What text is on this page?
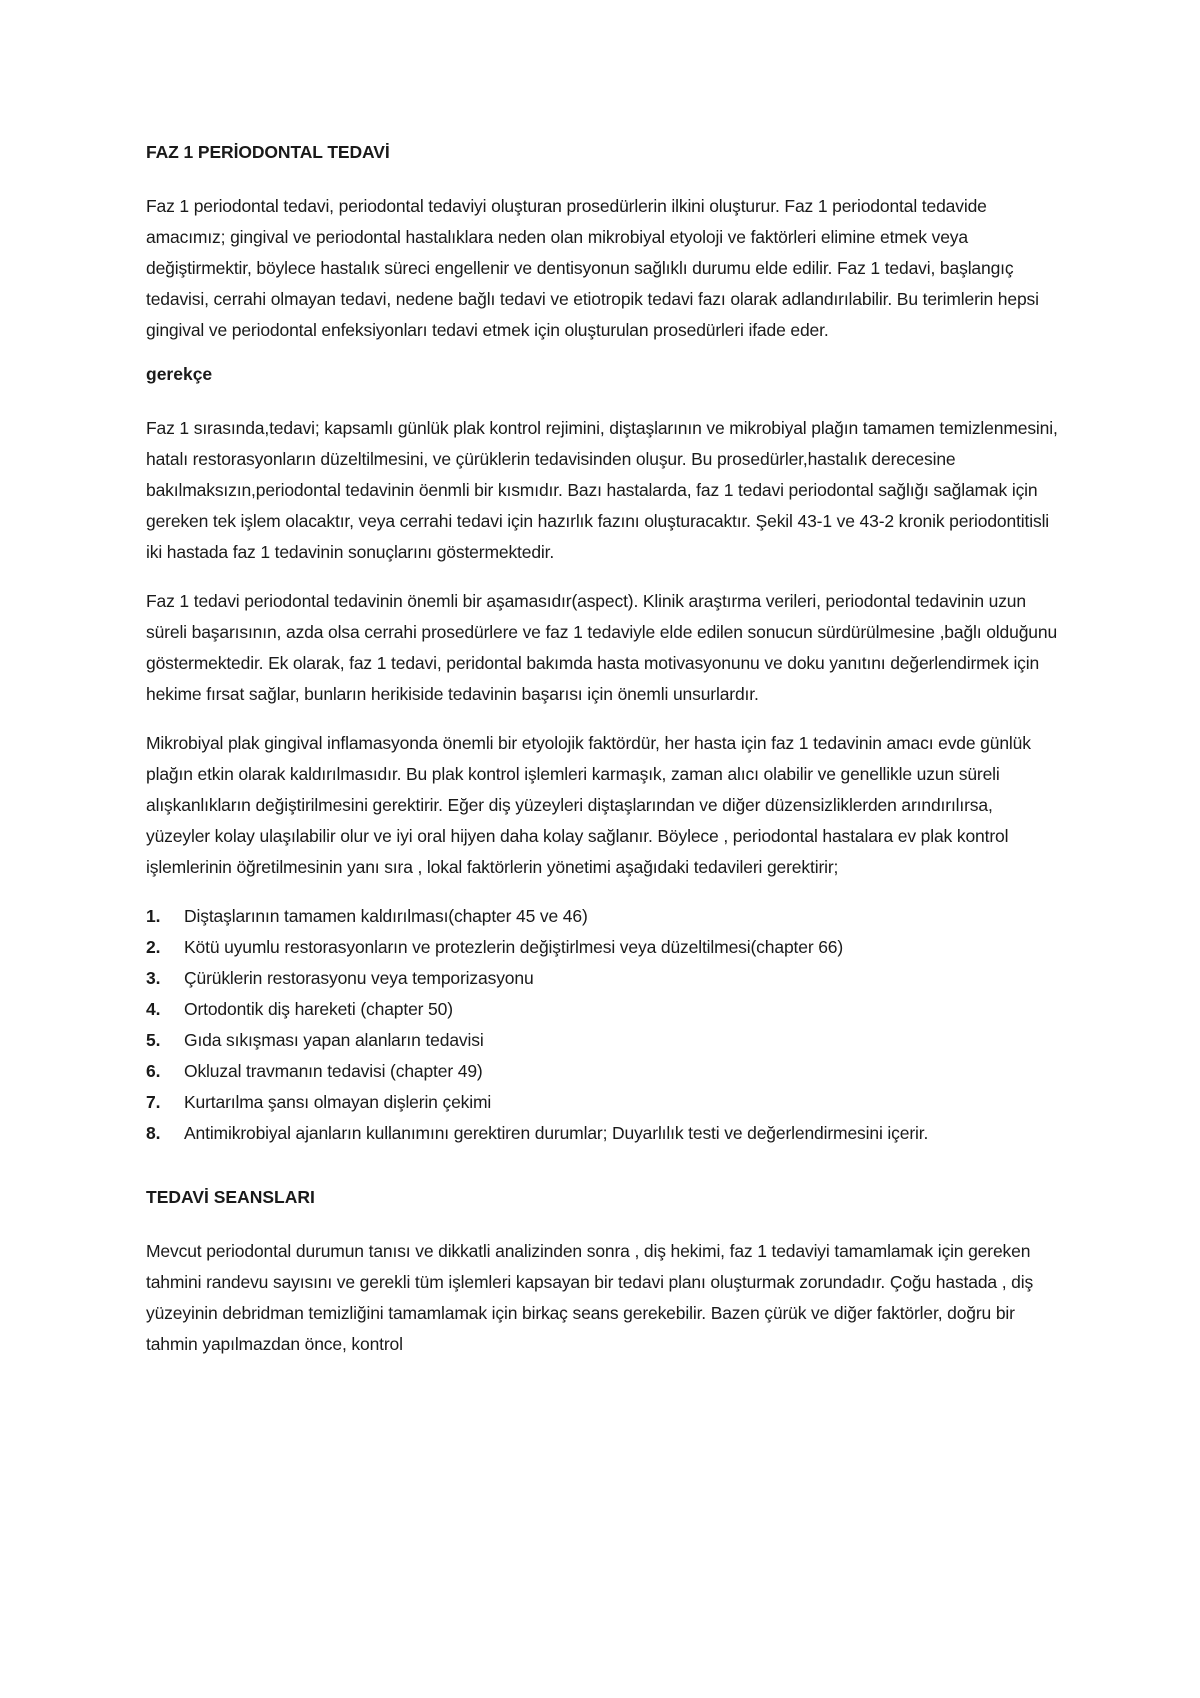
FAZ 1 PERİODONTAL TEDAVİ

Faz 1 periodontal tedavi, periodontal tedaviyi oluşturan prosedürlerin ilkini oluşturur. Faz 1 periodontal tedavide amacımız; gingival ve periodontal hastalıklara neden olan mikrobiyal etyoloji ve faktörleri elimine etmek veya değiştirmektir, böylece hastalık süreci engellenir ve dentisyonun sağlıklı durumu elde edilir. Faz 1 tedavi, başlangıç tedavisi, cerrahi olmayan tedavi, nedene bağlı tedavi ve etiotropik tedavi fazı olarak adlandırılabilir. Bu terimlerin hepsi gingival ve periodontal enfeksiyonları tedavi etmek için oluşturulan prosedürleri ifade eder.

gerekçe

Faz 1 sırasında,tedavi; kapsamlı günlük plak kontrol rejimini, diştaşlarının ve mikrobiyal plağın tamamen temizlenmesini, hatalı restorasyonların düzeltilmesini, ve çürüklerin tedavisinden oluşur. Bu prosedürler,hastalık derecesine bakılmaksızın,periodontal tedavinin öenmli bir kısmıdır. Bazı hastalarda, faz 1 tedavi periodontal sağlığı sağlamak için gereken tek işlem olacaktır, veya cerrahi tedavi için hazırlık fazını oluşturacaktır. Şekil 43-1 ve 43-2 kronik periodontitisli iki hastada faz 1 tedavinin sonuçlarını göstermektedir.

Faz 1 tedavi periodontal tedavinin önemli bir aşamasıdır(aspect). Klinik araştırma verileri, periodontal tedavinin uzun süreli başarısının, azda olsa cerrahi prosedürlere ve faz 1 tedaviyle elde edilen sonucun sürdürülmesine ,bağlı olduğunu göstermektedir. Ek olarak, faz 1 tedavi, peridontal bakımda hasta motivasyonunu ve doku yanıtını değerlendirmek için hekime fırsat sağlar, bunların herikiside tedavinin başarısı için önemli unsurlardır.

Mikrobiyal plak gingival inflamasyonda önemli bir etyolojik faktördür, her hasta için faz 1 tedavinin amacı evde günlük plağın etkin olarak kaldırılmasıdır. Bu plak kontrol işlemleri karmaşık, zaman alıcı olabilir ve genellikle uzun süreli alışkanlıkların değiştirilmesini gerektirir. Eğer diş yüzeyleri diştaşlarından ve diğer düzensizliklerden arındırılırsa, yüzeyler kolay ulaşılabilir olur ve iyi oral hijyen daha kolay sağlanır. Böylece , periodontal hastalara ev plak kontrol işlemlerinin öğretilmesinin yanı sıra , lokal faktörlerin yönetimi aşağıdaki tedavileri gerektirir;

1.	Diştaşlarının tamamen kaldırılması(chapter 45 ve 46)
2.	Kötü uyumlu restorasyonların ve protezlerin değiştirlmesi veya düzeltilmesi(chapter 66)
3.	Çürüklerin restorasyonu veya temporizasyonu
4.	Ortodontik diş hareketi (chapter 50)
5.	Gıda sıkışması yapan alanların tedavisi
6.	Okluzal travmanın tedavisi (chapter 49)
7.	Kurtarılma şansı olmayan dişlerin çekimi
8.	Antimikrobiyal ajanların kullanımını gerektiren durumlar; Duyarlılık testi ve değerlendirmesini içerir.
TEDAVİ SEANSLARI

Mevcut periodontal durumun tanısı ve dikkatli analizinden sonra , diş hekimi, faz 1 tedaviyi tamamlamak için gereken tahmini randevu sayısını ve gerekli tüm işlemleri kapsayan bir tedavi planı oluşturmak zorundadır. Çoğu hastada , diş yüzeyinin debridman temizliğini tamamlamak için birkaç seans gerekebilir. Bazen çürük ve diğer faktörler, doğru bir tahmin yapılmazdan önce, kontrol
